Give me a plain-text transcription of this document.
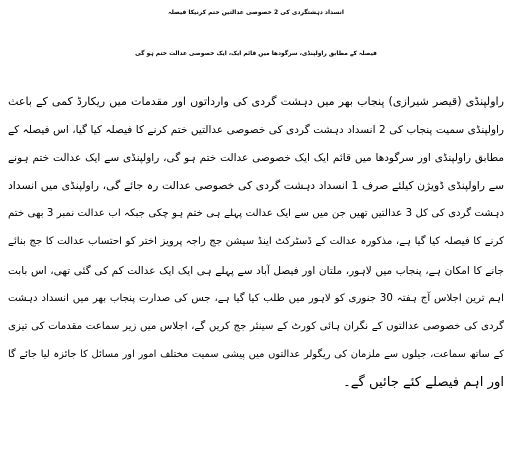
انسداد دہشتگردی کی 2 خصوصی عدالتیں ختم کرنیکا فیصلہ
فیصلہ کے مطابق راولپنڈی، سرگودھا میں قائم ایک، ایک خصوصی عدالت ختم ہو گی
راولپنڈی (قیصر شیرازی) پنجاب بھر میں دہشت گردی کی وارداتوں اور مقدمات میں ریکارڈ کمی کے باعث
راولپنڈی سمیت پنجاب کی 2 انسداد دہشت گردی کی خصوصی عدالتیں ختم کرنے کا فیصلہ کیا گیا، اس فیصلہ کے
مطابق راولپنڈی اور سرگودھا میں قائم ایک ایک خصوصی عدالت ختم ہو گی، راولپنڈی سے ایک عدالت ختم ہونے
سے راولپنڈی ڈویژن کیلئے صرف 1 انسداد دہشت گردی کی خصوصی عدالت رہ جائے گی، راولپنڈی میں انسداد
دہشت گردی کی کل 3 عدالتیں تھیں جن میں سے ایک عدالت پہلے ہی ختم ہو چکی جبکہ اب عدالت نمبر 3 بھی ختم
کرنے کا فیصلہ کیا گیا ہے، مذکورہ عدالت کے ڈسٹرکٹ اینڈ سیشن جج راجہ پرویز اختر کو احتساب عدالت کا جج بنائے
جانے کا امکان ہے، پنجاب میں لاہور، ملتان اور فیصل آباد سے پہلے ہی ایک ایک عدالت کم کی گئی تھی، اس بابت
اہم ترین اجلاس آج ہفتہ 30 جنوری کو لاہور میں طلب کیا گیا ہے، جس کی صدارت پنجاب بھر میں انسداد دہشت
گردی کی خصوصی عدالتوں کے نگران ہائی کورٹ کے سینئر جج کریں گے، اجلاس میں زیر سماعت مقدمات کی تیزی
کے ساتھ سماعت، جیلوں سے ملزمان کی ریگولر عدالتوں میں پیشی سمیت مختلف امور اور مسائل کا جائزہ لیا جائے گا
اور اہم فیصلے کئے جائیں گے۔
